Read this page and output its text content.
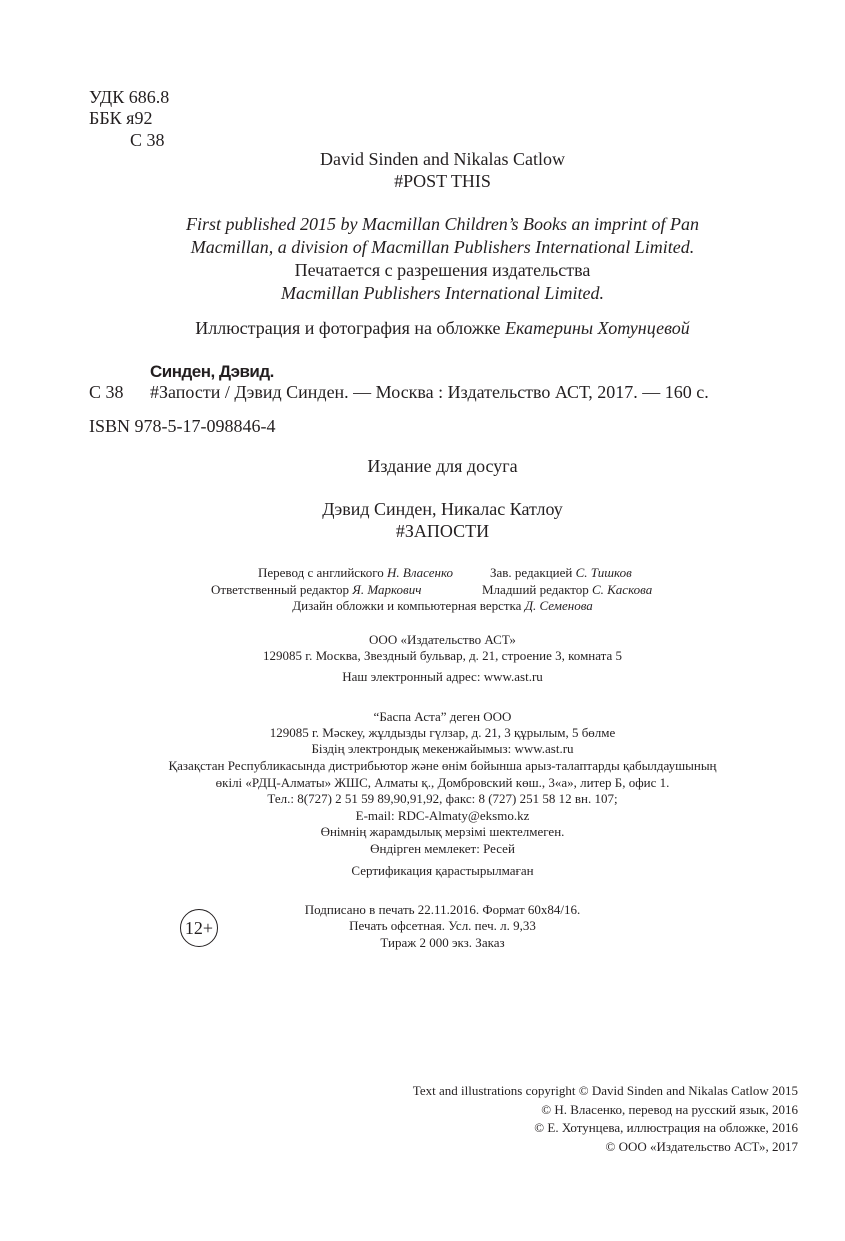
УДК 686.8
ББК я92
С 38
David Sinden and Nikalas Catlow
#POST THIS
First published 2015 by Macmillan Children’s Books an imprint of Pan
Macmillan, a division of Macmillan Publishers International Limited.
Печатается с разрешения издательства
Macmillan Publishers International Limited.
Иллюстрация и фотография на обложке Екатерины Хотунцевой
Синден, Дэвид.
С 38 #Запости / Дэвид Синден. — Москва : Издательство АСТ, 2017. — 160 с.
ISBN 978-5-17-098846-4
Издание для досуга
Дэвид Синден, Никалас Катлоу
#ЗАПОСТИ
Перевод с английского Н. Власенко	Зав. редакцией С. Тишков
Ответственный редактор Я. Маркович	Младший редактор С. Каскова
Дизайн обложки и компьютерная верстка Д. Семенова
ООО «Издательство АСТ»
129085 г. Москва, Звездный бульвар, д. 21, строение 3, комната 5
Наш электронный адрес: www.ast.ru
“Баспа Аста” деген ООО
129085 г. Мәскеу, жұлдызды гүлзар, д. 21, 3 құрылым, 5 бөлме
Біздің электрондық мекенжайымыз: www.ast.ru
Қазақстан Республикасында дистрибьютор және өнім бойынша арыз-талаптарды қабылдаушының
өкілі «РДЦ-Алматы» ЖШС, Алматы қ., Домбровский көш., 3«а», литер Б, офис 1.
Тел.: 8(727) 2 51 59 89,90,91,92, факс: 8 (727) 251 58 12 вн. 107;
E-mail: RDC-Almaty@eksmo.kz
Өнімнің жарамдылық мерзімі шектелмеген.
Өндірген мемлекет: Ресей
Сертификация қарастырылмаған
12+
Подписано в печать 22.11.2016. Формат 60х84/16.
Печать офсетная. Усл. печ. л. 9,33
Тираж 2 000 экз. Заказ
Text and illustrations copyright © David Sinden and Nikalas Catlow 2015
© Н. Власенко, перевод на русский язык, 2016
© Е. Хотунцева, иллюстрация на обложке, 2016
© ООО «Издательство АСТ», 2017
